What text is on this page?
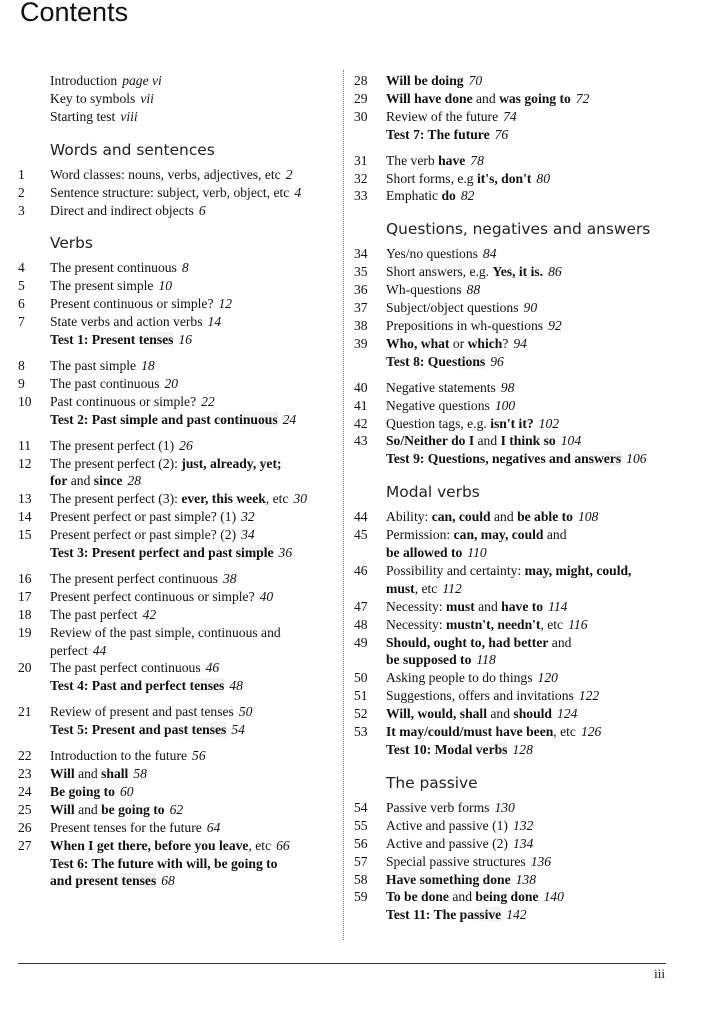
Contents
Introduction page vi
Key to symbols vii
Starting test viii
Words and sentences
1	Word classes: nouns, verbs, adjectives, etc 2
2	Sentence structure: subject, verb, object, etc 4
3	Direct and indirect objects 6
Verbs
4	The present continuous 8
5	The present simple 10
6	Present continuous or simple? 12
7	State verbs and action verbs 14
Test 1: Present tenses 16
8	The past simple 18
9	The past continuous 20
10	Past continuous or simple? 22
Test 2: Past simple and past continuous 24
11	The present perfect (1) 26
12	The present perfect (2): just, already, yet;
for and since 28
13	The present perfect (3): ever, this week, etc 30
14	Present perfect or past simple? (1) 32
15	Present perfect or past simple? (2) 34
Test 3: Present perfect and past simple 36
16	The present perfect continuous 38
17	Present perfect continuous or simple? 40
18	The past perfect 42
19	Review of the past simple, continuous and
perfect 44
20	The past perfect continuous 46
Test 4: Past and perfect tenses 48
21	Review of present and past tenses 50
Test 5: Present and past tenses 54
22	Introduction to the future 56
23	Will and shall 58
24	Be going to 60
25	Will and be going to 62
26	Present tenses for the future 64
27	When I get there, before you leave, etc 66
Test 6: The future with will, be going to
and present tenses 68
28	Will be doing 70
29	Will have done and was going to 72
30	Review of the future 74
Test 7: The future 76
31	The verb have 78
32	Short forms, e.g it's, don't 80
33	Emphatic do 82
Questions, negatives and answers
34	Yes/no questions 84
35	Short answers, e.g. Yes, it is. 86
36	Wh-questions 88
37	Subject/object questions 90
38	Prepositions in wh-questions 92
39	Who, what or which? 94
Test 8: Questions 96
40	Negative statements 98
41	Negative questions 100
42	Question tags, e.g. isn't it? 102
43	So/Neither do I and I think so 104
Test 9: Questions, negatives and answers 106
Modal verbs
44	Ability: can, could and be able to 108
45	Permission: can, may, could and
be allowed to 110
46	Possibility and certainty: may, might, could,
must, etc 112
47	Necessity: must and have to 114
48	Necessity: mustn't, needn't, etc 116
49	Should, ought to, had better and
be supposed to 118
50	Asking people to do things 120
51	Suggestions, offers and invitations 122
52	Will, would, shall and should 124
53	It may/could/must have been, etc 126
Test 10: Modal verbs 128
The passive
54	Passive verb forms 130
55	Active and passive (1) 132
56	Active and passive (2) 134
57	Special passive structures 136
58	Have something done 138
59	To be done and being done 140
Test 11: The passive 142
iii
